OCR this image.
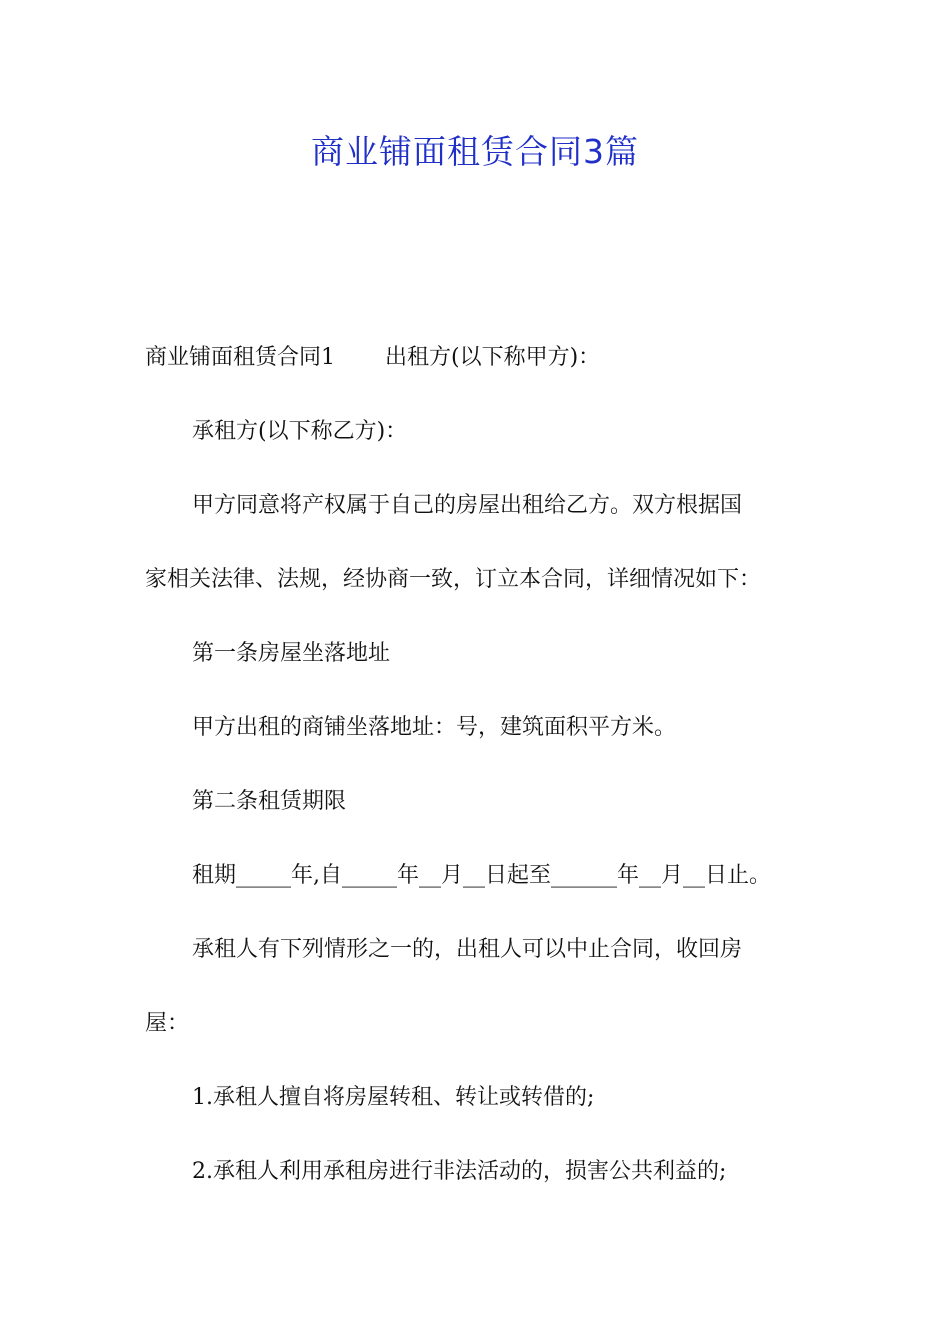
商业铺面租赁合同3篇
商业铺面租赁合同1 出租方(以下称甲方)：
承租方(以下称乙方)：
甲方同意将产权属于自己的房屋出租给乙方。双方根据国
家相关法律、法规，经协商一致，订立本合同，详细情况如下：
第一条房屋坐落地址
甲方出租的商铺坐落地址：号，建筑面积平方米。
第二条租赁期限
租期_____年,自_____年__月__日起至______年__月__日止。
承租人有下列情形之一的，出租人可以中止合同，收回房
屋：
1.承租人擅自将房屋转租、转让或转借的;
2.承租人利用承租房进行非法活动的，损害公共利益的;
